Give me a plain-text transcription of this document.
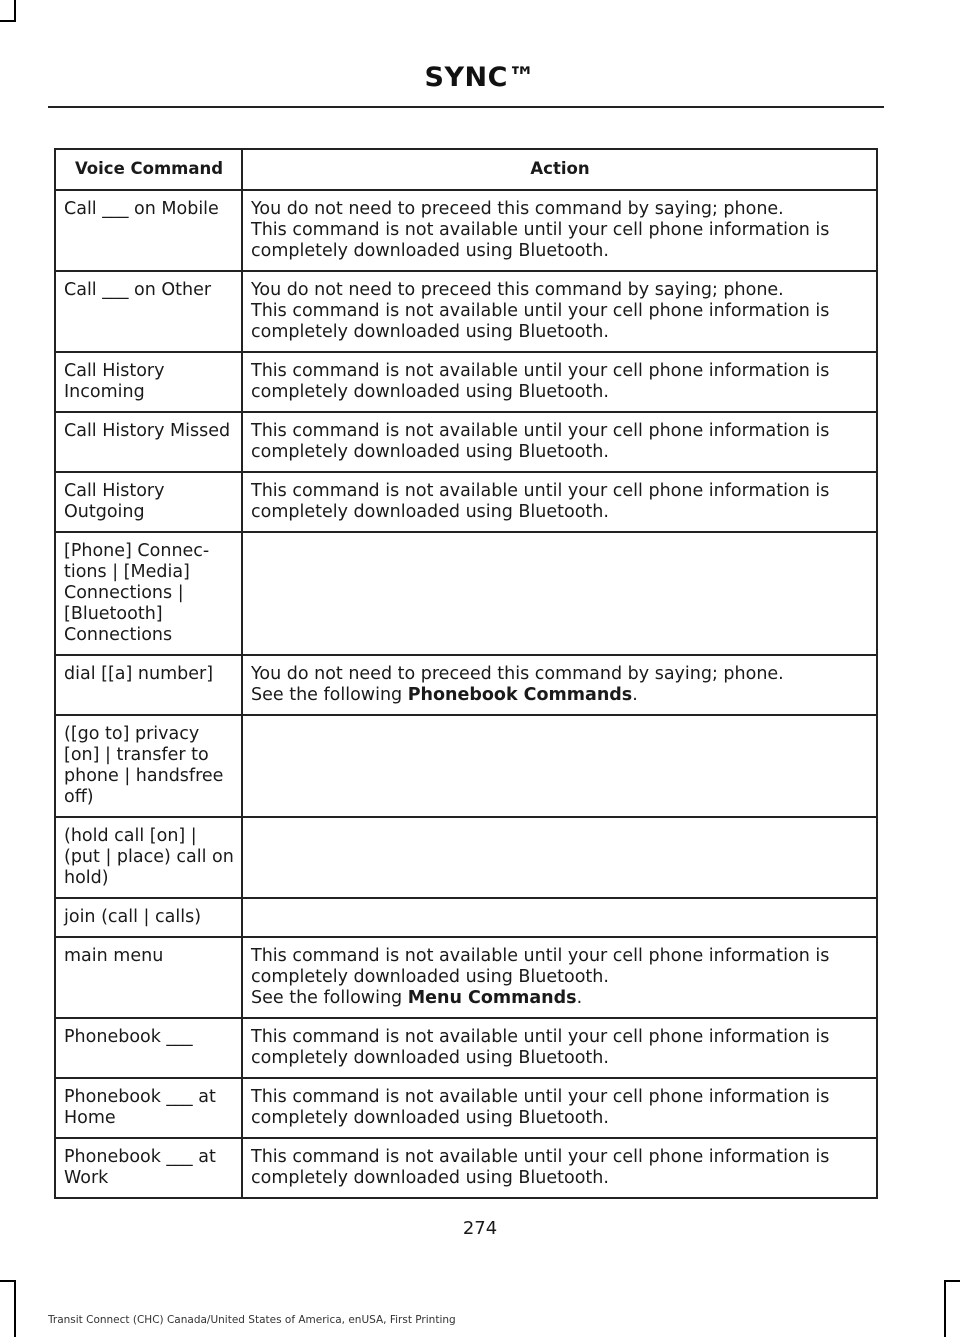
SYNC™
Voice Command	Action
Call ___ on Mobile	You do not need to preceed this command by saying; phone.
This command is not available until your cell phone information is completely downloaded using Bluetooth.

Call ___ on Other	You do not need to preceed this command by saying; phone.
This command is not available until your cell phone information is completely downloaded using Bluetooth.

Call History Incoming	This command is not available until your cell phone information is completely downloaded using Bluetooth.

Call History Missed	This command is not available until your cell phone information is completely downloaded using Bluetooth.

Call History Outgoing	This command is not available until your cell phone information is completely downloaded using Bluetooth.

[Phone] Connec-tions | [Media] Connections | [Bluetooth] Connections	
dial [[a] number]	You do not need to preceed this command by saying; phone.
See the following Phonebook Commands.

([go to] privacy [on] | transfer to phone | handsfree off)	
(hold call [on] | (put | place) call on hold)	
join (call | calls)	
main menu	This command is not available until your cell phone information is completely downloaded using Bluetooth.
See the following Menu Commands.

Phonebook ___	This command is not available until your cell phone information is completely downloaded using Bluetooth.

Phonebook ___ at Home	This command is not available until your cell phone information is completely downloaded using Bluetooth.

Phonebook ___ at Work	This command is not available until your cell phone information is completely downloaded using Bluetooth.
274
Transit Connect (CHC) Canada/United States of America, enUSA, First Printing
